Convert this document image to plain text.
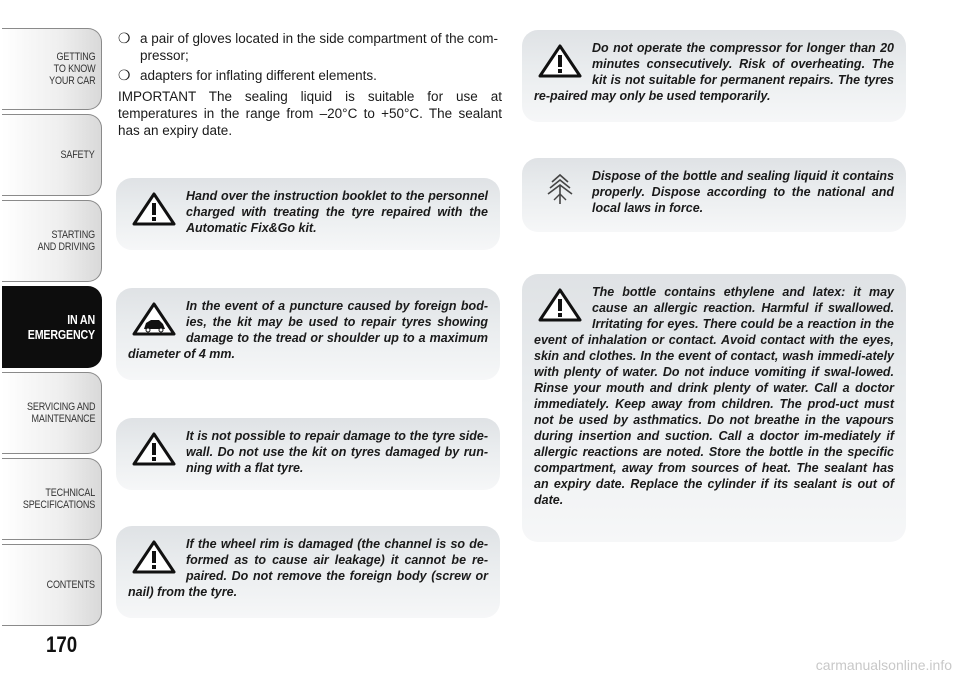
GETTING
TO KNOW
YOUR CAR
SAFETY
STARTING
AND DRIVING
IN AN
EMERGENCY
SERVICING AND
MAINTENANCE
TECHNICAL
SPECIFICATIONS
CONTENTS
170
❍ a pair of gloves located in the side compartment of the com-pressor;
❍ adapters for inflating different elements.

IMPORTANT The sealing liquid is suitable for use at temperatures in the range from –20°C to +50°C. The sealant has an expiry date.

Hand over the instruction booklet to the personnel charged with treating the tyre repaired with the Automatic Fix&Go kit.

In the event of a puncture caused by foreign bod-ies, the kit may be used to repair tyres showing damage to the tread or shoulder up to a maximum diameter of 4 mm.

It is not possible to repair damage to the tyre side-wall. Do not use the kit on tyres damaged by run-ning with a flat tyre.

If the wheel rim is damaged (the channel is so de-formed as to cause air leakage) it cannot be re-paired. Do not remove the foreign body (screw or nail) from the tyre.

Do not operate the compressor for longer than 20 minutes consecutively. Risk of overheating. The kit is not suitable for permanent repairs. The tyres re-paired may only be used temporarily.

Dispose of the bottle and sealing liquid it contains properly. Dispose according to the national and local laws in force.

The bottle contains ethylene and latex: it may cause an allergic reaction. Harmful if swallowed. Irritating for eyes. There could be a reaction in the event of inhalation or contact. Avoid contact with the eyes, skin and clothes. In the event of contact, wash immedi-ately with plenty of water. Do not induce vomiting if swal-lowed. Rinse your mouth and drink plenty of water. Call a doctor immediately. Keep away from children. The prod-uct must not be used by asthmatics. Do not breathe in the vapours during insertion and suction. Call a doctor im-mediately if allergic reactions are noted. Store the bottle in the specific compartment, away from sources of heat. The sealant has an expiry date. Replace the cylinder if its sealant is out of date.

carmanualsonline.info
